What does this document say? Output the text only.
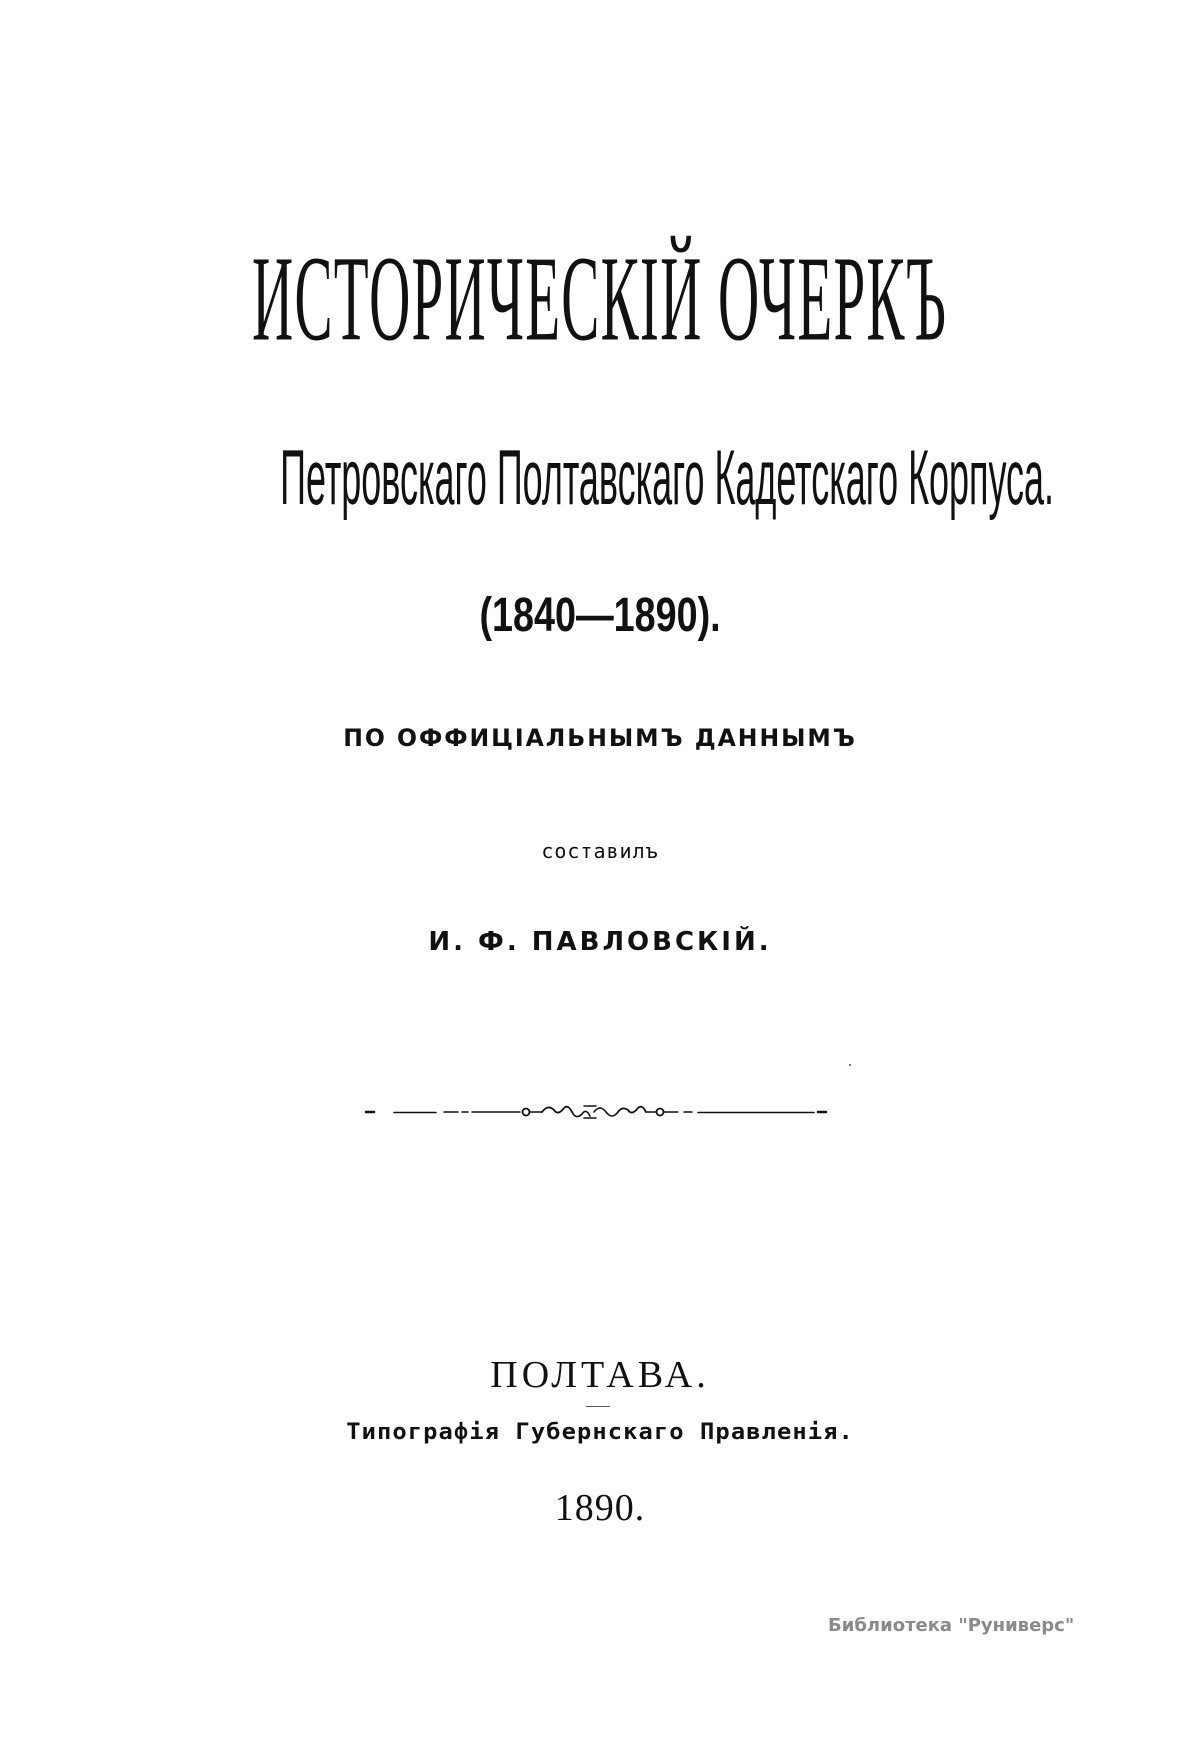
ИСТОРИЧЕСКІЙ ОЧЕРКЪ
Петровскаго Полтавскаго Кадетскаго Корпуса.
(1840—1890).
ПО ОФФИЦІАЛЬНЫМЪ ДАННЫМЪ
составилъ
И. Ф. ПАВЛОВСКІЙ.
ПОЛТАВА.
Типографія Губернскаго Правленія.
1890.
Библиотека "Руниверс"
